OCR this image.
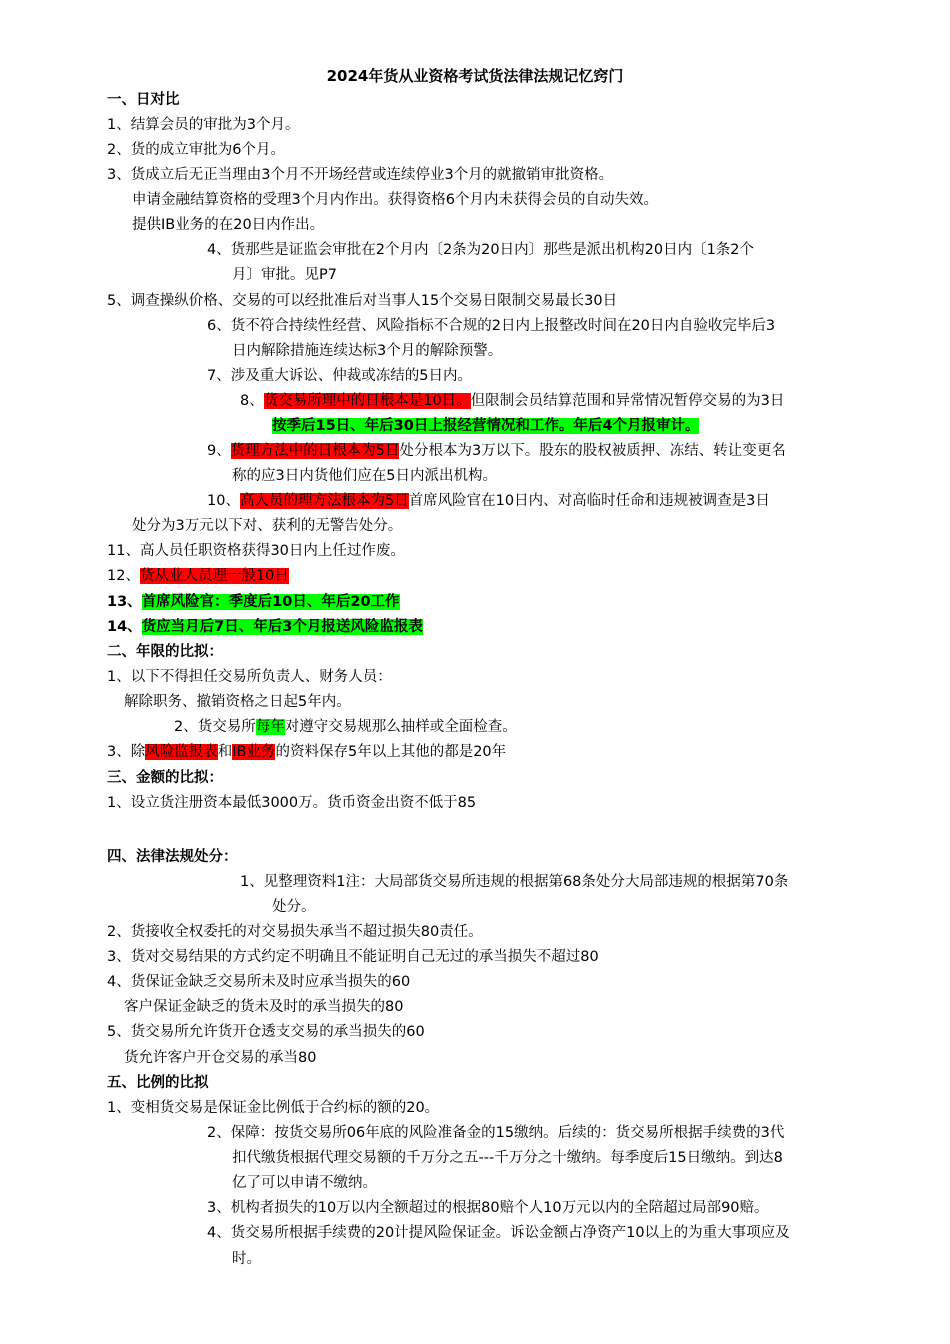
2024年货从业资格考试货法律法规记忆窍门
一、日对比
1、结算会员的审批为3个月。
2、货的成立审批为6个月。
3、货成立后无正当理由3个月不开场经营或连续停业3个月的就撤销审批资格。
申请金融结算资格的受理3个月内作出。获得资格6个月内未获得会员的自动失效。
提供IB业务的在20日内作出。
4、货那些是证监会审批在2个月内〔2条为20日内〕那些是派出机构20日内〔1条2个
月〕审批。见P7
5、调查操纵价格、交易的可以经批准后对当事人15个交易日限制交易最长30日
6、货不符合持续性经营、风险指标不合规的2日内上报整改时间在20日内自验收完毕后3
日内解除措施连续达标3个月的解除预警。
7、涉及重大诉讼、仲裁或冻结的5日内。
8、货交易所理中的日根本是10日。但限制会员结算范围和异常情况暂停交易的为3日
按季后15日、年后30日上报经营情况和工作。年后4个月报审计。
9、货理方法中的日根本为5日处分根本为3万以下。股东的股权被质押、冻结、转让变更名
称的应3日内货他们应在5日内派出机构。
10、高人员的理方法根本为5日首席风险官在10日内、对高临时任命和违规被调查是3日
处分为3万元以下对、获利的无警告处分。
11、高人员任职资格获得30日内上任过作废。
12、货从业人员理一般10日
13、首席风险官：季度后10日、年后20工作
14、货应当月后7日、年后3个月报送风险监报表
二、年限的比拟：
1、以下不得担任交易所负责人、财务人员：
解除职务、撤销资格之日起5年内。
2、货交易所每年对遵守交易规那么抽样或全面检查。
3、除风险监报表和IB业务的资料保存5年以上其他的都是20年
三、金额的比拟：
1、设立货注册资本最低3000万。货币资金出资不低于85
四、法律法规处分：
1、见整理资料1注：大局部货交易所违规的根据第68条处分大局部违规的根据第70条
处分。
2、货接收全权委托的对交易损失承当不超过损失80责任。
3、货对交易结果的方式约定不明确且不能证明自己无过的承当损失不超过80
4、货保证金缺乏交易所未及时应承当损失的60
客户保证金缺乏的货未及时的承当损失的80
5、货交易所允许货开仓透支交易的承当损失的60
货允许客户开仓交易的承当80
五、比例的比拟
1、变相货交易是保证金比例低于合约标的额的20。
2、保障：按货交易所06年底的风险准备金的15缴纳。后续的：货交易所根据手续费的3代
扣代缴货根据代理交易额的千万分之五---千万分之十缴纳。每季度后15日缴纳。到达8
亿了可以申请不缴纳。
3、机构者损失的10万以内全额超过的根据80赔个人10万元以内的全陪超过局部90赔。
4、货交易所根据手续费的20计提风险保证金。诉讼金额占净资产10以上的为重大事项应及
时。
